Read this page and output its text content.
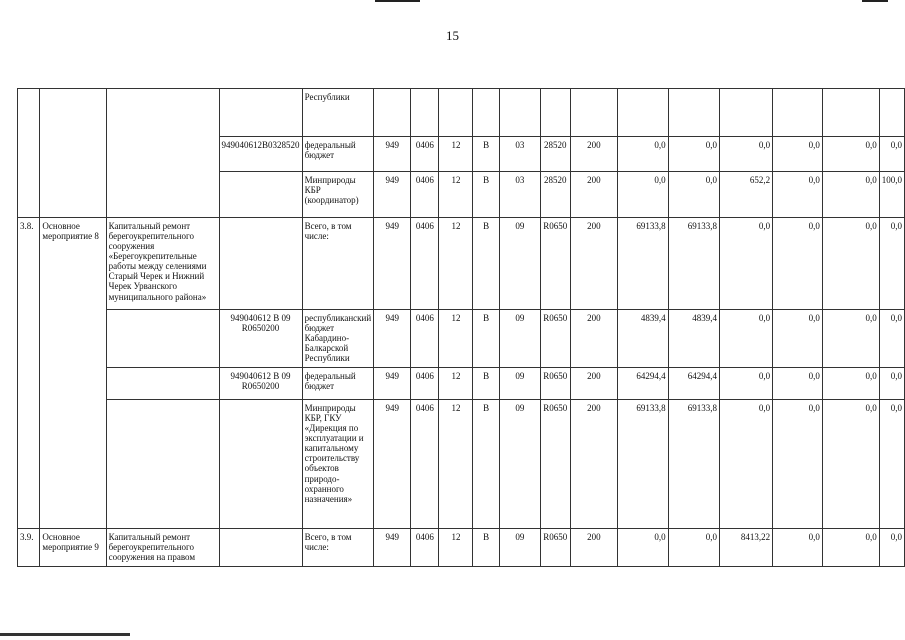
15
				Республики													
			949040612В0328520	федеральный бюджет	949	0406	12	В	03	28520	200	0,0	0,0	0,0	0,0	0,0	0,0
				Минприроды КБР (координатор)	949	0406	12	В	03	28520	200	0,0	0,0	652,2	0,0	0,0	100,0
3.8.	Основное мероприятие 8	Капитальный ремонт берегоукрепительного сооружения «Берегоукрепительные работы между селениями Старый Черек и Нижний Черек Урванского муниципального района»		Всего, в том числе:	949	0406	12	В	09	R0650	200	69133,8	69133,8	0,0	0,0	0,0	0,0
			949040612 В 09 R0650200	республиканский бюджет Кабардино-Балкарской Республики	949	0406	12	В	09	R0650	200	4839,4	4839,4	0,0	0,0	0,0	0,0
			949040612 В 09 R0650200	федеральный бюджет	949	0406	12	В	09	R0650	200	64294,4	64294,4	0,0	0,0	0,0	0,0
				Минприроды КБР, ГКУ «Дирекция по эксплуатации и капитальному строительству объектов природо-охранного назначения»	949	0406	12	В	09	R0650	200	69133,8	69133,8	0,0	0,0	0,0	0,0
3.9.	Основное мероприятие 9	Капитальный ремонт берегоукрепительного сооружения на правом		Всего, в том числе:	949	0406	12	В	09	R0650	200	0,0	0,0	8413,22	0,0	0,0	0,0
